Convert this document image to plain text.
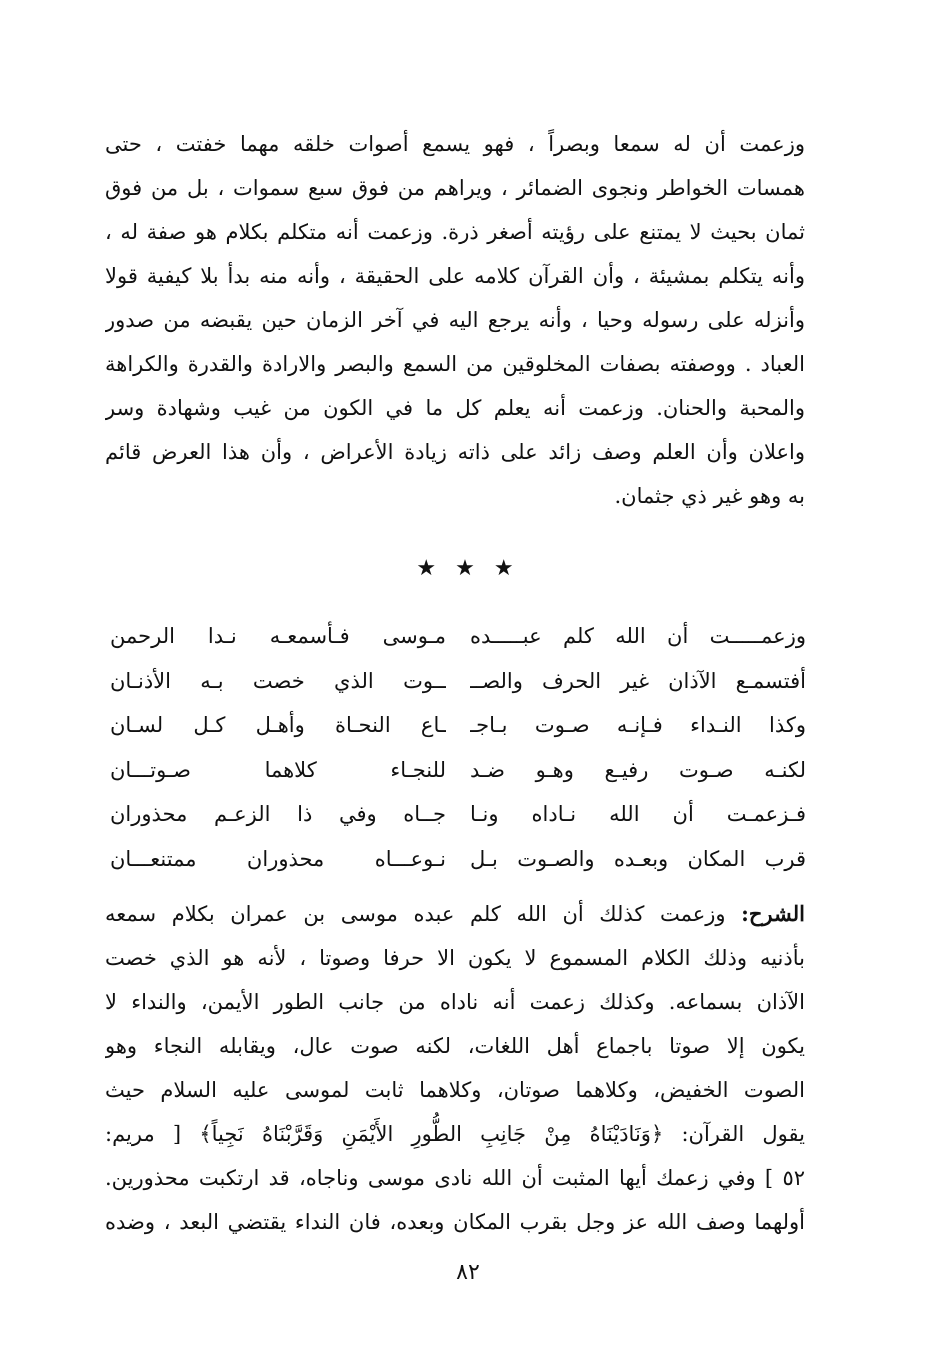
وزعمت أن له سمعا وبصراً ، فهو يسمع أصوات خلقه مهما خفتت ، حتى
همسات الخواطر ونجوى الضمائر ، ويراهم من فوق سبع سموات ، بل من فوق
ثمان بحيث لا يمتنع على رؤيته أصغر ذرة. وزعمت أنه متكلم بكلام هو صفة له ،
وأنه يتكلم بمشيئة ، وأن القرآن كلامه على الحقيقة ، وأنه منه بدأ بلا كيفية قولا
وأنزله على رسوله وحيا ، وأنه يرجع اليه في آخر الزمان حين يقبضه من صدور
العباد . ووصفته بصفات المخلوقين من السمع والبصر والارادة والقدرة والكراهة
والمحبة والحنان. وزعمت أنه يعلم كل ما في الكون من غيب وشهادة وسر
واعلان وأن العلم وصف زائد على ذاته زيادة الأعراض ، وأن هذا العرض قائم
به وهو غير ذي جثمان.
★ ★ ★
وزعمـــــت أن الله كلم عبـــــده
مـوسى فـأسمعـه نـدا الرحمن
أفتسمـع الآذان غير الحرف والصــ
ــوت الذي خصت بـه الأذنـان
وكذا النـداء فـإنـه صـوت بـاجـ
ـاع النحـاة وأهـل كـل لسـان
لكنـه صـوت رفيـع وهـو ضـد
للنجـاء كلاهما صـوتـــان
فـزعمـت أن الله نـاداه ونـا
جــاه وفي ذا الزعـم محذوران
قرب المكان وبعـده والصـوت بـل
نـوعـــاه محذوران ممتنعـــان
الشرح: وزعمت كذلك أن الله كلم عبده موسى بن عمران بكلام سمعه
بأذنيه وذلك الكلام المسموع لا يكون الا حرفا وصوتا ، لأنه هو الذي خصت
الآذان بسماعه. وكذلك زعمت أنه ناداه من جانب الطور الأيمن، والنداء لا
يكون إلا صوتا باجماع أهل اللغات، لكنه صوت عال، ويقابله النجاء وهو
الصوت الخفيض، وكلاهما صوتان، وكلاهما ثابت لموسى عليه السلام حيث
يقول القرآن: ﴿وَنَادَيْنَاهُ مِنْ جَانِبِ الطُّورِ الأَيْمَنِ وَقَرَّبْنَاهُ نَجِياً﴾ [ مريم:
٥٢ ] وفي زعمك أيها المثبت أن الله نادى موسى وناجاه، قد ارتكبت محذورين.
أولهما وصف الله عز وجل بقرب المكان وبعده، فان النداء يقتضي البعد ، وضده
٨٢
